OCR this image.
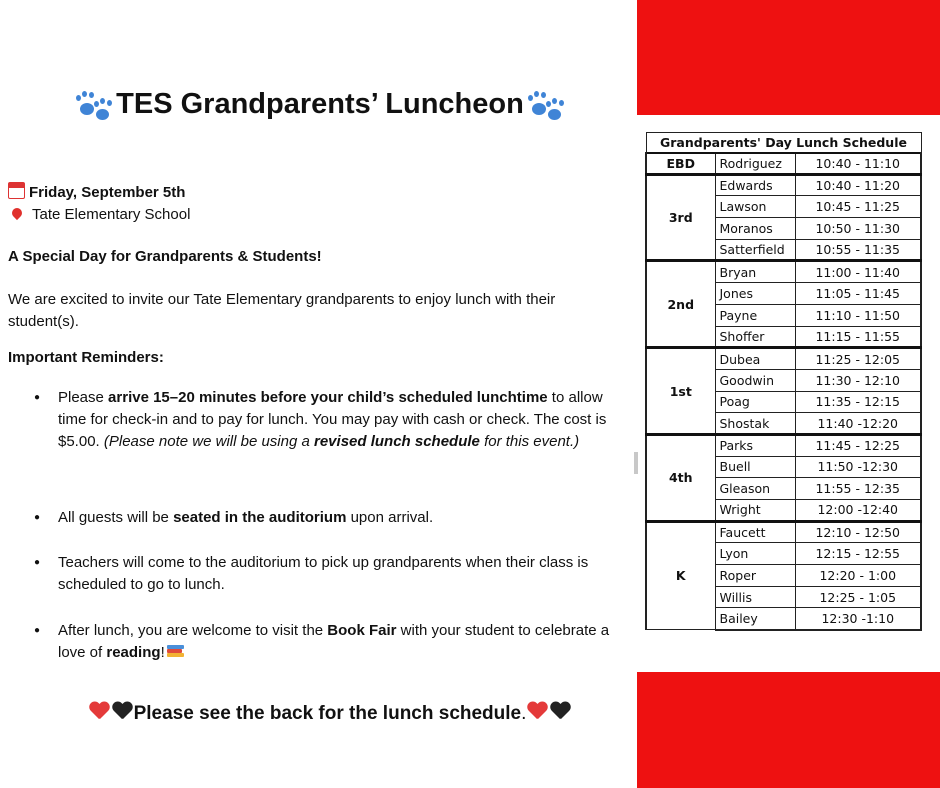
TES Grandparents’ Luncheon
Friday, September 5th
Tate Elementary School
A Special Day for Grandparents & Students!
We are excited to invite our Tate Elementary grandparents to enjoy lunch with their student(s).
Important Reminders:
● Please arrive 15–20 minutes before your child’s scheduled lunchtime to allow time for check-in and to pay for lunch. You may pay with cash or check. The cost is $5.00. (Please note we will be using a revised lunch schedule for this event.)
● All guests will be seated in the auditorium upon arrival.
● Teachers will come to the auditorium to pick up grandparents when their class is scheduled to go to lunch.
● After lunch, you are welcome to visit the Book Fair with your student to celebrate a love of reading!
Please see the back for the lunch schedule.
Grandparents' Day Lunch Schedule		
EBD	Rodriguez	10:40 - 11:10
3rd	Edwards	10:40 - 11:20
	Lawson	10:45 - 11:25
	Moranos	10:50 - 11:30
	Satterfield	10:55 - 11:35
2nd	Bryan	11:00 - 11:40
	Jones	11:05 - 11:45
	Payne	11:10 - 11:50
	Shoffer	11:15 - 11:55
1st	Dubea	11:25 - 12:05
	Goodwin	11:30 - 12:10
	Poag	11:35 - 12:15
	Shostak	11:40 -12:20
4th	Parks	11:45 - 12:25
	Buell	11:50 -12:30
	Gleason	11:55 - 12:35
	Wright	12:00 -12:40
K	Faucett	12:10 - 12:50
	Lyon	12:15 - 12:55
	Roper	12:20 - 1:00
	Willis	12:25 - 1:05
	Bailey	12:30 -1:10
